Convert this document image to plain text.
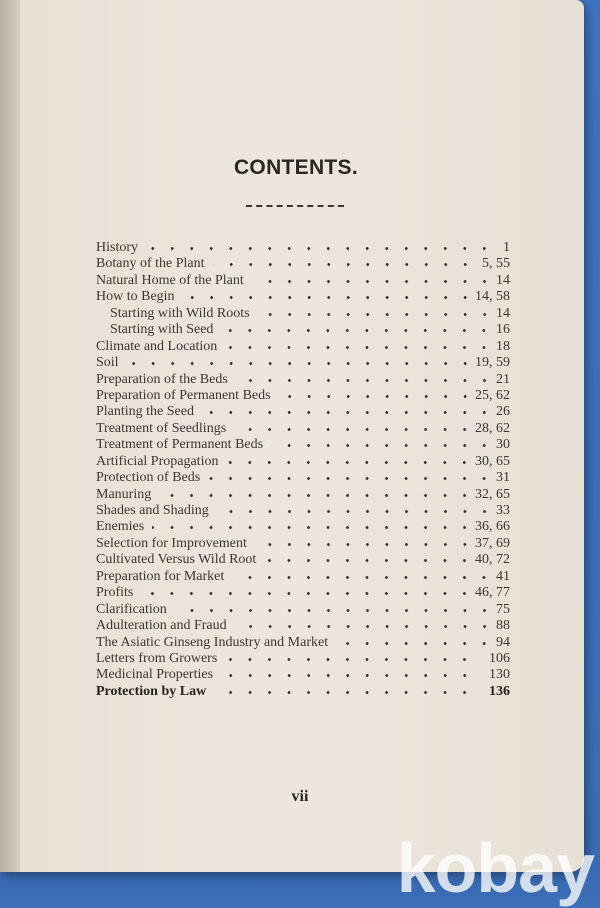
CONTENTS.
History	1
Botany of the Plant	5, 55
Natural Home of the Plant	14
How to Begin	14, 58
Starting with Wild Roots	14
Starting with Seed	16
Climate and Location	18
Soil	19, 59
Preparation of the Beds	21
Preparation of Permanent Beds	25, 62
Planting the Seed	26
Treatment of Seedlings	28, 62
Treatment of Permanent Beds	30
Artificial Propagation	30, 65
Protection of Beds	31
Manuring	32, 65
Shades and Shading	33
Enemies	36, 66
Selection for Improvement	37, 69
Cultivated Versus Wild Root	40, 72
Preparation for Market	41
Profits	46, 77
Clarification	75
Adulteration and Fraud	88
The Asiatic Ginseng Industry and Market	94
Letters from Growers	106
Medicinal Properties	130
Protection by Law	136
vii
kobay
